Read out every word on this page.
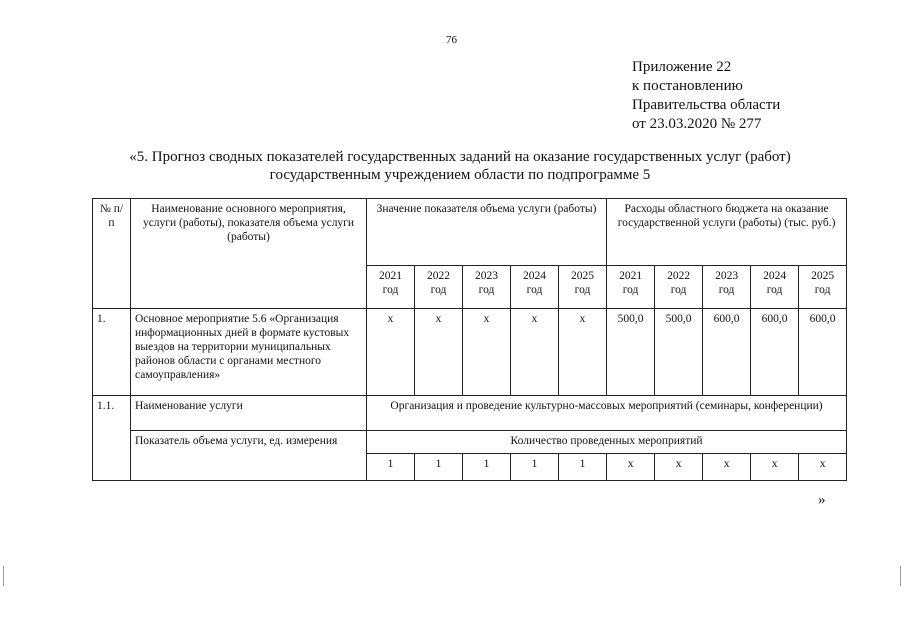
76
Приложение 22
к постановлению
Правительства области
от 23.03.2020 № 277
«5. Прогноз сводных показателей государственных заданий на оказание государственных услуг (работ)
государственным учреждением области по подпрограмме 5
№ п/п	Наименование основного мероприятия, услуги (работы), показателя объема услуги (работы)	Значение показателя объема услуги (работы)					Расходы областного бюджета на оказание государственной услуги (работы) (тыс. руб.)				
		2021 год	2022 год	2023 год	2024 год	2025 год	2021 год	2022 год	2023 год	2024 год	2025 год
1.	Основное мероприятие 5.6 «Организация информационных дней в формате кустовых выездов на территории муниципальных районов области с органами местного самоуправления»	х	х	х	х	х	500,0	500,0	600,0	600,0	600,0
1.1.	Наименование услуги	Организация и проведение культурно-массовых мероприятий (семинары, конференции)									
	Показатель объема услуги, ед. измерения	Количество проведенных мероприятий									
		1	1	1	1	1	х	х	х	х	х
»
